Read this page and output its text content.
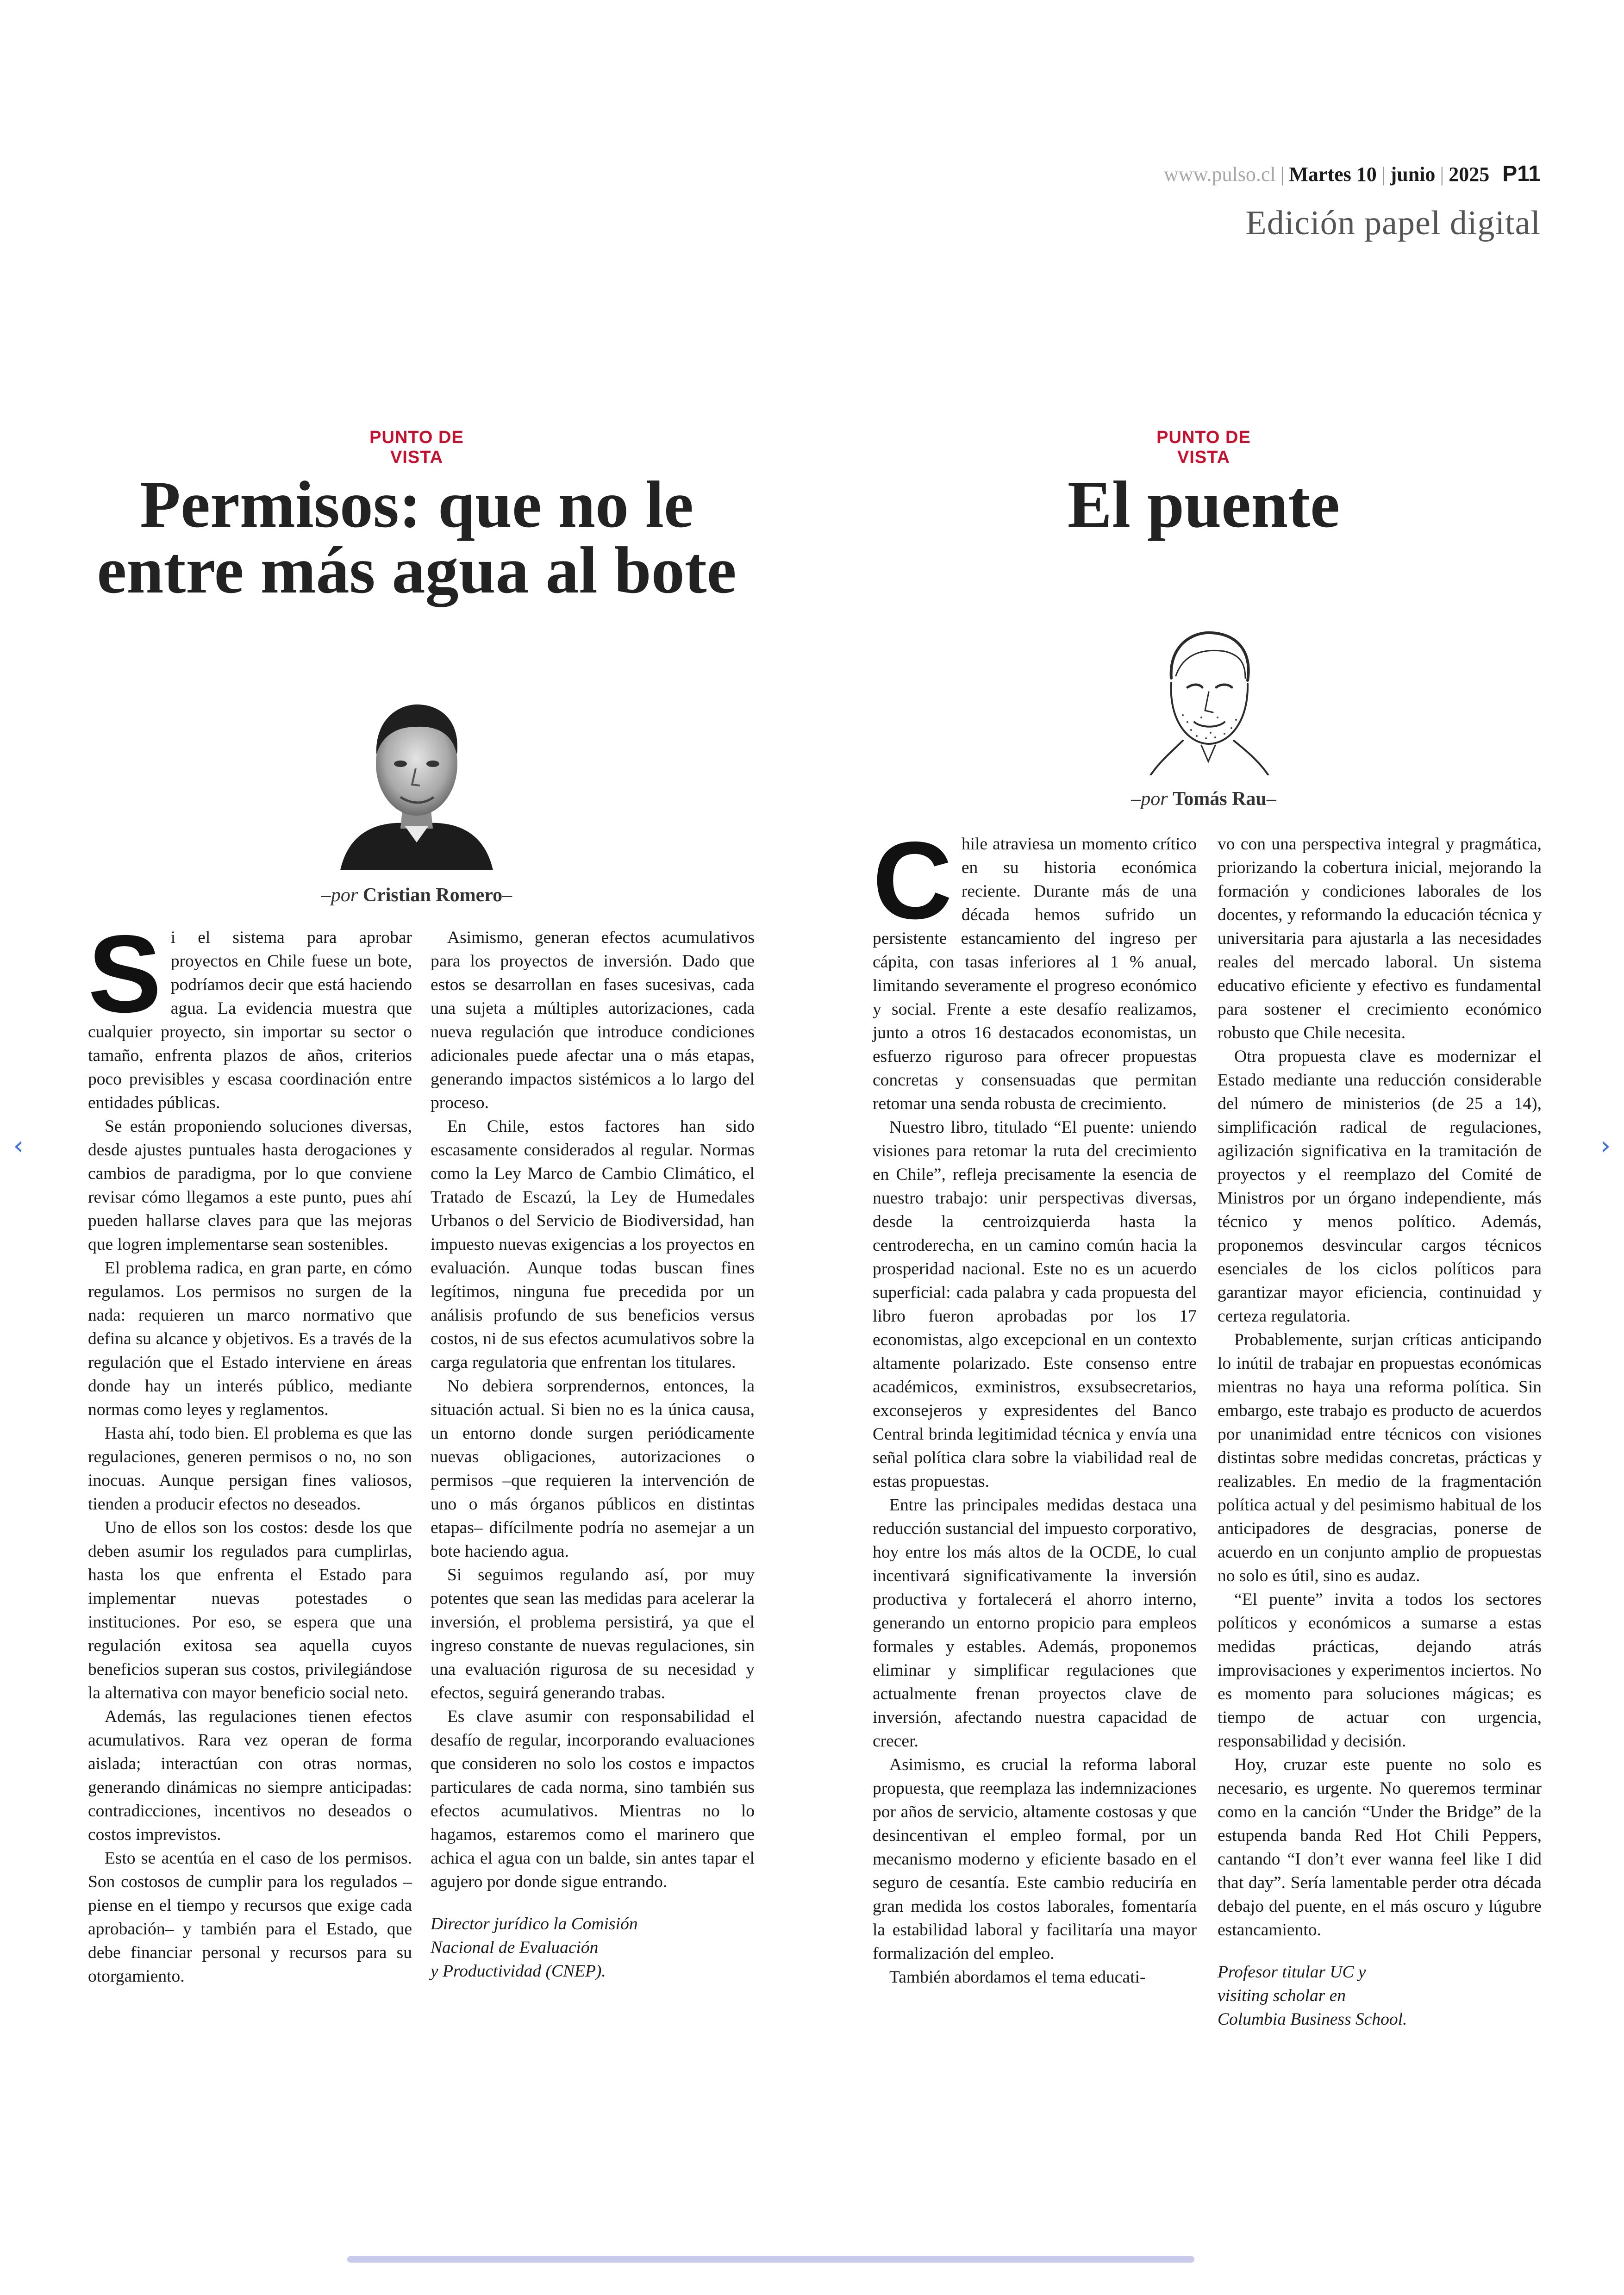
www.pulso.cl | Martes 10 | junio | 2025 P11
Edición papel digital
PUNTO DE VISTA
Permisos: que no le entre más agua al bote
–por Cristian Romero–

Si el sistema para aprobar proyectos en Chile fuese un bote, podríamos decir que está haciendo agua. La evidencia muestra que cualquier proyecto, sin importar su sector o tamaño, enfrenta plazos de años, criterios poco previsibles y escasa coordinación entre entidades públicas.

Se están proponiendo soluciones diversas, desde ajustes puntuales hasta derogaciones y cambios de paradigma, por lo que conviene revisar cómo llegamos a este punto, pues ahí pueden hallarse claves para que las mejoras que logren implementarse sean sostenibles.

El problema radica, en gran parte, en cómo regulamos. Los permisos no surgen de la nada: requieren un marco normativo que defina su alcance y objetivos. Es a través de la regulación que el Estado interviene en áreas donde hay un interés público, mediante normas como leyes y reglamentos.

Hasta ahí, todo bien. El problema es que las regulaciones, generen permisos o no, no son inocuas. Aunque persigan fines valiosos, tienden a producir efectos no deseados.

Uno de ellos son los costos: desde los que deben asumir los regulados para cumplirlas, hasta los que enfrenta el Estado para implementar nuevas potestades o instituciones. Por eso, se espera que una regulación exitosa sea aquella cuyos beneficios superan sus costos, privilegiándose la alternativa con mayor beneficio social neto.

Además, las regulaciones tienen efectos acumulativos. Rara vez operan de forma aislada; interactúan con otras normas, generando dinámicas no siempre anticipadas: contradicciones, incentivos no deseados o costos imprevistos.

Esto se acentúa en el caso de los permisos. Son costosos de cumplir para los regulados –piense en el tiempo y recursos que exige cada aprobación– y también para el Estado, que debe financiar personal y recursos para su otorgamiento.

Asimismo, generan efectos acumulativos para los proyectos de inversión. Dado que estos se desarrollan en fases sucesivas, cada una sujeta a múltiples autorizaciones, cada nueva regulación que introduce condiciones adicionales puede afectar una o más etapas, generando impactos sistémicos a lo largo del proceso.

En Chile, estos factores han sido escasamente considerados al regular. Normas como la Ley Marco de Cambio Climático, el Tratado de Escazú, la Ley de Humedales Urbanos o del Servicio de Biodiversidad, han impuesto nuevas exigencias a los proyectos en evaluación. Aunque todas buscan fines legítimos, ninguna fue precedida por un análisis profundo de sus beneficios versus costos, ni de sus efectos acumulativos sobre la carga regulatoria que enfrentan los titulares.

No debiera sorprendernos, entonces, la situación actual. Si bien no es la única causa, un entorno donde surgen periódicamente nuevas obligaciones, autorizaciones o permisos –que requieren la intervención de uno o más órganos públicos en distintas etapas– difícilmente podría no asemejar a un bote haciendo agua.

Si seguimos regulando así, por muy potentes que sean las medidas para acelerar la inversión, el problema persistirá, ya que el ingreso constante de nuevas regulaciones, sin una evaluación rigurosa de su necesidad y efectos, seguirá generando trabas.

Es clave asumir con responsabilidad el desafío de regular, incorporando evaluaciones que consideren no solo los costos e impactos particulares de cada norma, sino también sus efectos acumulativos. Mientras no lo hagamos, estaremos como el marinero que achica el agua con un balde, sin antes tapar el agujero por donde sigue entrando.

Director jurídico la Comisión
Nacional de Evaluación
y Productividad (CNEP).

PUNTO DE VISTA
El puente
–por Tomás Rau–

Chile atraviesa un momento crítico en su historia económica reciente. Durante más de una década hemos sufrido un persistente estancamiento del ingreso per cápita, con tasas inferiores al 1 % anual, limitando severamente el progreso económico y social. Frente a este desafío realizamos, junto a otros 16 destacados economistas, un esfuerzo riguroso para ofrecer propuestas concretas y consensuadas que permitan retomar una senda robusta de crecimiento.

Nuestro libro, titulado “El puente: uniendo visiones para retomar la ruta del crecimiento en Chile”, refleja precisamente la esencia de nuestro trabajo: unir perspectivas diversas, desde la centroizquierda hasta la centroderecha, en un camino común hacia la prosperidad nacional. Este no es un acuerdo superficial: cada palabra y cada propuesta del libro fueron aprobadas por los 17 economistas, algo excepcional en un contexto altamente polarizado. Este consenso entre académicos, exministros, exsubsecretarios, exconsejeros y expresidentes del Banco Central brinda legitimidad técnica y envía una señal política clara sobre la viabilidad real de estas propuestas.

Entre las principales medidas destaca una reducción sustancial del impuesto corporativo, hoy entre los más altos de la OCDE, lo cual incentivará significativamente la inversión productiva y fortalecerá el ahorro interno, generando un entorno propicio para empleos formales y estables. Además, proponemos eliminar y simplificar regulaciones que actualmente frenan proyectos clave de inversión, afectando nuestra capacidad de crecer.

Asimismo, es crucial la reforma laboral propuesta, que reemplaza las indemnizaciones por años de servicio, altamente costosas y que desincentivan el empleo formal, por un mecanismo moderno y eficiente basado en el seguro de cesantía. Este cambio reduciría en gran medida los costos laborales, fomentaría la estabilidad laboral y facilitaría una mayor formalización del empleo.

También abordamos el tema educati-

vo con una perspectiva integral y pragmática, priorizando la cobertura inicial, mejorando la formación y condiciones laborales de los docentes, y reformando la educación técnica y universitaria para ajustarla a las necesidades reales del mercado laboral. Un sistema educativo eficiente y efectivo es fundamental para sostener el crecimiento económico robusto que Chile necesita.

Otra propuesta clave es modernizar el Estado mediante una reducción considerable del número de ministerios (de 25 a 14), simplificación radical de regulaciones, agilización significativa en la tramitación de proyectos y el reemplazo del Comité de Ministros por un órgano independiente, más técnico y menos político. Además, proponemos desvincular cargos técnicos esenciales de los ciclos políticos para garantizar mayor eficiencia, continuidad y certeza regulatoria.

Probablemente, surjan críticas anticipando lo inútil de trabajar en propuestas económicas mientras no haya una reforma política. Sin embargo, este trabajo es producto de acuerdos por unanimidad entre técnicos con visiones distintas sobre medidas concretas, prácticas y realizables. En medio de la fragmentación política actual y del pesimismo habitual de los anticipadores de desgracias, ponerse de acuerdo en un conjunto amplio de propuestas no solo es útil, sino es audaz.

“El puente” invita a todos los sectores políticos y económicos a sumarse a estas medidas prácticas, dejando atrás improvisaciones y experimentos inciertos. No es momento para soluciones mágicas; es tiempo de actuar con urgencia, responsabilidad y decisión.

Hoy, cruzar este puente no solo es necesario, es urgente. No queremos terminar como en la canción “Under the Bridge” de la estupenda banda Red Hot Chili Peppers, cantando “I don’t ever wanna feel like I did that day”. Sería lamentable perder otra década debajo del puente, en el más oscuro y lúgubre estancamiento.

Profesor titular UC y
visiting scholar en
Columbia Business School.

‹	›
